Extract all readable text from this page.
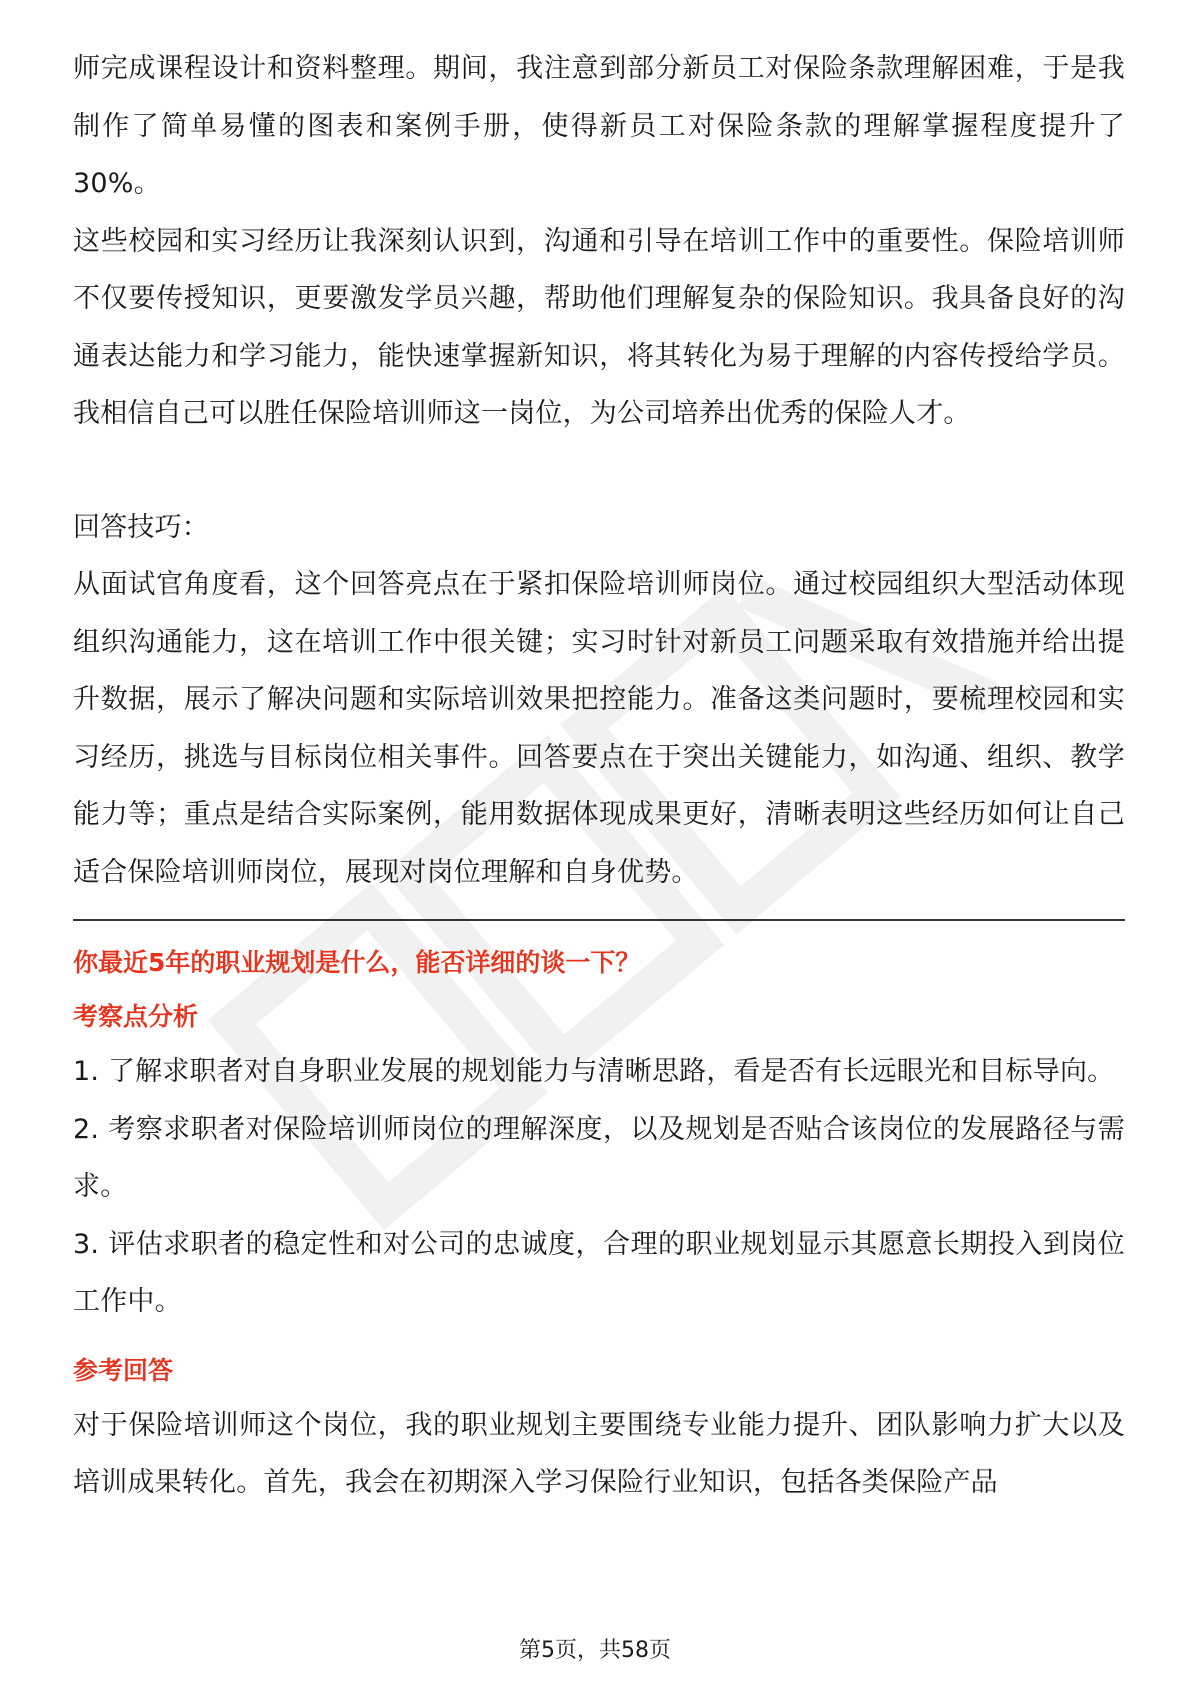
师完成课程设计和资料整理。期间，我注意到部分新员工对保险条款理解困难，于是我制作了简单易懂的图表和案例手册，使得新员工对保险条款的理解掌握程度提升了30%。

这些校园和实习经历让我深刻认识到，沟通和引导在培训工作中的重要性。保险培训师不仅要传授知识，更要激发学员兴趣，帮助他们理解复杂的保险知识。我具备良好的沟通表达能力和学习能力，能快速掌握新知识，将其转化为易于理解的内容传授给学员。我相信自己可以胜任保险培训师这一岗位，为公司培养出优秀的保险人才。

回答技巧：

从面试官角度看，这个回答亮点在于紧扣保险培训师岗位。通过校园组织大型活动体现组织沟通能力，这在培训工作中很关键；实习时针对新员工问题采取有效措施并给出提升数据，展示了解决问题和实际培训效果把控能力。准备这类问题时，要梳理校园和实习经历，挑选与目标岗位相关事件。回答要点在于突出关键能力，如沟通、组织、教学能力等；重点是结合实际案例，能用数据体现成果更好，清晰表明这些经历如何让自己适合保险培训师岗位，展现对岗位理解和自身优势。

你最近5年的职业规划是什么，能否详细的谈一下？

考察点分析

1. 了解求职者对自身职业发展的规划能力与清晰思路，看是否有长远眼光和目标导向。

2. 考察求职者对保险培训师岗位的理解深度，以及规划是否贴合该岗位的发展路径与需求。

3. 评估求职者的稳定性和对公司的忠诚度，合理的职业规划显示其愿意长期投入到岗位工作中。

参考回答

对于保险培训师这个岗位，我的职业规划主要围绕专业能力提升、团队影响力扩大以及培训成果转化。首先，我会在初期深入学习保险行业知识，包括各类保险产品

第5页，共58页
